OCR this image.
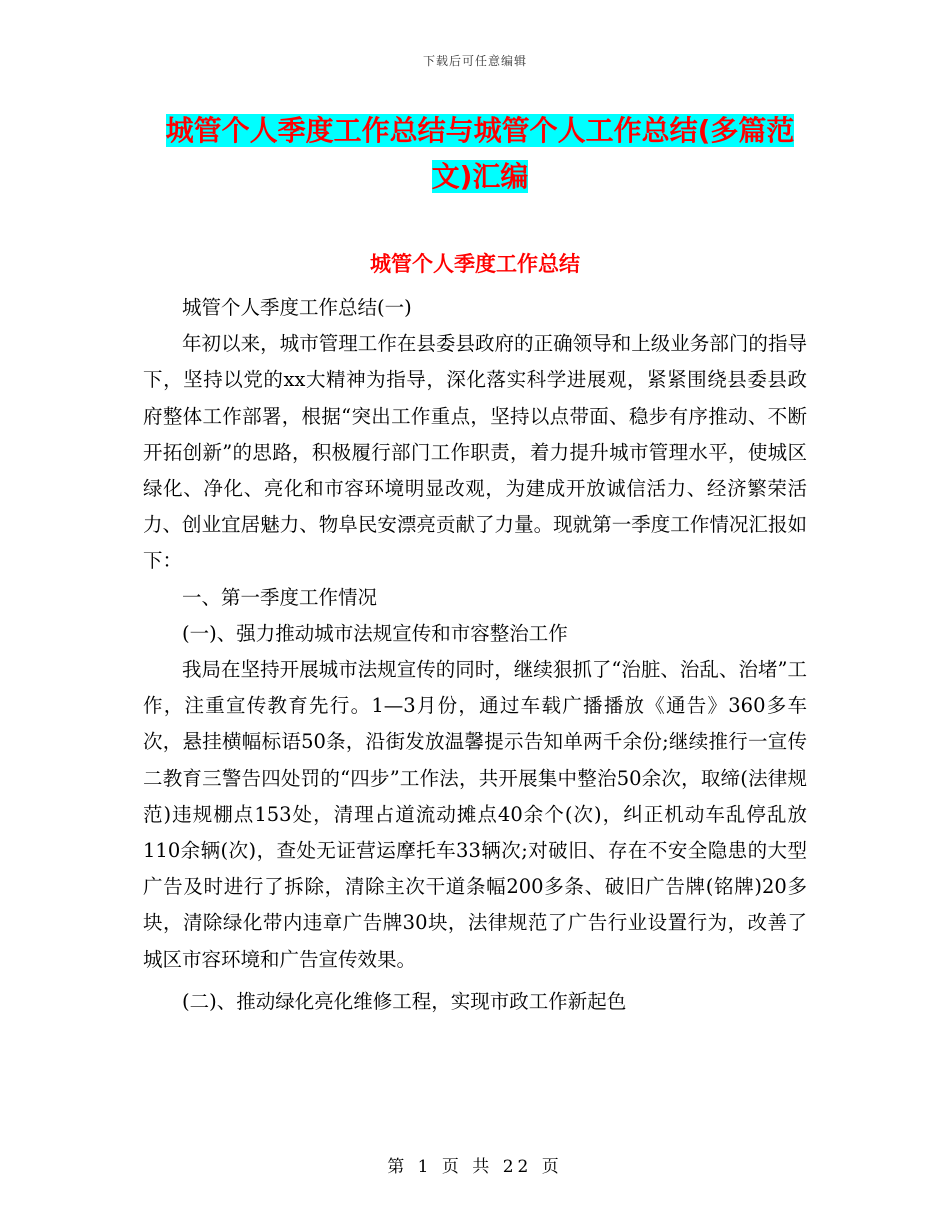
下载后可任意编辑
城管个人季度工作总结与城管个人工作总结(多篇范文)汇编
城管个人季度工作总结

城管个人季度工作总结(一)

年初以来，城市管理工作在县委县政府的正确领导和上级业务部门的指导下，坚持以党的xx大精神为指导，深化落实科学进展观，紧紧围绕县委县政府整体工作部署，根据“突出工作重点，坚持以点带面、稳步有序推动、不断开拓创新”的思路，积极履行部门工作职责，着力提升城市管理水平，使城区绿化、净化、亮化和市容环境明显改观，为建成开放诚信活力、经济繁荣活力、创业宜居魅力、物阜民安漂亮贡献了力量。现就第一季度工作情况汇报如下：

一、第一季度工作情况

(一)、强力推动城市法规宣传和市容整治工作

我局在坚持开展城市法规宣传的同时，继续狠抓了“治脏、治乱、治堵”工作，注重宣传教育先行。1—3月份，通过车载广播播放《通告》360多车次，悬挂横幅标语50条，沿街发放温馨提示告知单两千余份;继续推行一宣传二教育三警告四处罚的“四步”工作法，共开展集中整治50余次，取缔(法律规范)违规棚点153处，清理占道流动摊点40余个(次)，纠正机动车乱停乱放110余辆(次)，查处无证营运摩托车33辆次;对破旧、存在不安全隐患的大型广告及时进行了拆除，清除主次干道条幅200多条、破旧广告牌(铭牌)20多块，清除绿化带内违章广告牌30块，法律规范了广告行业设置行为，改善了城区市容环境和广告宣传效果。

(二)、推动绿化亮化维修工程，实现市政工作新起色

第 1 页 共 22 页
